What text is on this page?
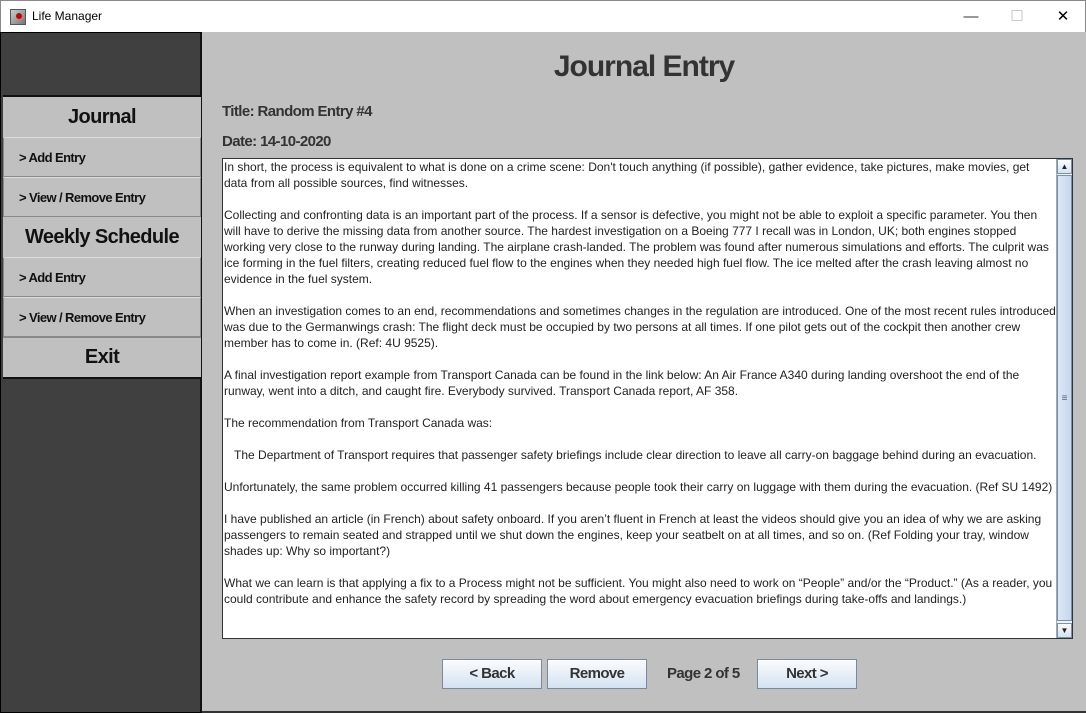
Life Manager	—	☐	✕
Journal
> Add Entry
> View / Remove Entry
Weekly Schedule
> Add Entry
> View / Remove Entry
Exit
Journal Entry
Title: Random Entry #4
Date: 14-10-2020

In short, the process is equivalent to what is done on a crime scene: Don't touch anything (if possible), gather evidence, take pictures, make movies, get data from all possible sources, find witnesses.

Collecting and confronting data is an important part of the process. If a sensor is defective, you might not be able to exploit a specific parameter. You then will have to derive the missing data from another source. The hardest investigation on a Boeing 777 I recall was in London, UK; both engines stopped working very close to the runway during landing. The airplane crash-landed. The problem was found after numerous simulations and efforts. The culprit was ice forming in the fuel filters, creating reduced fuel flow to the engines when they needed high fuel flow. The ice melted after the crash leaving almost no evidence in the fuel system.

When an investigation comes to an end, recommendations and sometimes changes in the regulation are introduced. One of the most recent rules introduced was due to the Germanwings crash: The flight deck must be occupied by two persons at all times. If one pilot gets out of the cockpit then another crew member has to come in. (Ref: 4U 9525).

A final investigation report example from Transport Canada can be found in the link below: An Air France A340 during landing overshoot the end of the runway, went into a ditch, and caught fire. Everybody survived. Transport Canada report, AF 358.

The recommendation from Transport Canada was:

The Department of Transport requires that passenger safety briefings include clear direction to leave all carry-on baggage behind during an evacuation.

Unfortunately, the same problem occurred killing 41 passengers because people took their carry on luggage with them during the evacuation. (Ref SU 1492)

I have published an article (in French) about safety onboard. If you aren’t fluent in French at least the videos should give you an idea of why we are asking passengers to remain seated and strapped until we shut down the engines, keep your seatbelt on at all times, and so on. (Ref Folding your tray, window shades up: Why so important?)

What we can learn is that applying a fix to a Process might not be sufficient. You might also need to work on “People” and/or the “Product.” (As a reader, you could contribute and enhance the safety record by spreading the word about emergency evacuation briefings during take-offs and landings.)

▲
≡
▼
< Back	Remove	Page 2 of 5	Next >
